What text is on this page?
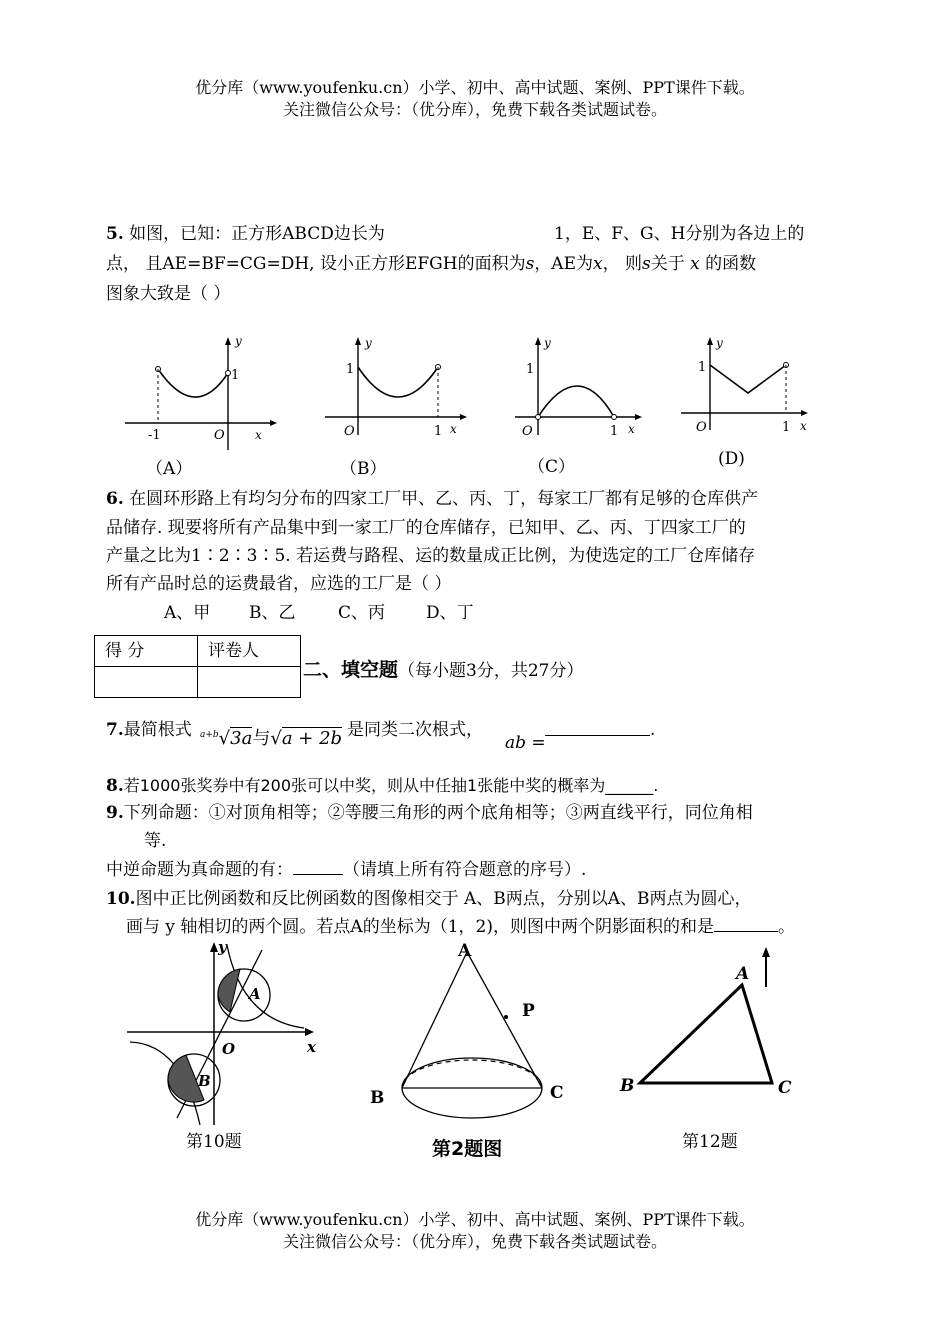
优分库（www.youfenku.cn）小学、初中、高中试题、案例、PPT课件下载。
关注微信公众号：（优分库），免费下载各类试题试卷。
5. 如图，已知：正方形ABCD边长为	1，E、F、G、H分别为各边上的
点， 且AE=BF=CG=DH, 设小正方形EFGH的面积为s，AE为x， 则s关于 x 的函数
图象大致是（ ）
y
1
-1	O	x
（A）
y
1
O	1 x
（B）
y
1
O	1 x
（C）
y
1
O	1 x
(D)
6. 在圆环形路上有均匀分布的四家工厂甲、乙、丙、丁，每家工厂都有足够的仓库供产
品储存. 现要将所有产品集中到一家工厂的仓库储存，已知甲、乙、丙、丁四家工厂的
产量之比为1∶2∶3∶5. 若运费与路程、运的数量成正比例，为使选定的工厂仓库储存
所有产品时总的运费最省，应选的工厂是（ ）
A、甲 B、乙	C、丙 D、丁
得 分	评卷人

二、填空题（每小题3分，共27分）
7.最简根式 $^{a+b}$√3a与√a + 2b 是同类二次根式，
ab =
.
8.若1000张奖券中有200张可以中奖，则从中任抽1张能中奖的概率为______.
9.下列命题：①对顶角相等；②等腰三角形的两个底角相等；③两直线平行，同位角相
等.
中逆命题为真命题的有：	（请填上所有符合题意的序号）.
10.图中正比例函数和反比例函数的图像相交于 A、B两点，分别以A、B两点为圆心，
画与 y 轴相切的两个圆。若点A的坐标为（1，2)，则图中两个阴影面积的和是	。
y
x
O
A
B
第10题
A
P
B	C
第2题图
A
B	C
第12题
优分库（www.youfenku.cn）小学、初中、高中试题、案例、PPT课件下载。
关注微信公众号：（优分库），免费下载各类试题试卷。
